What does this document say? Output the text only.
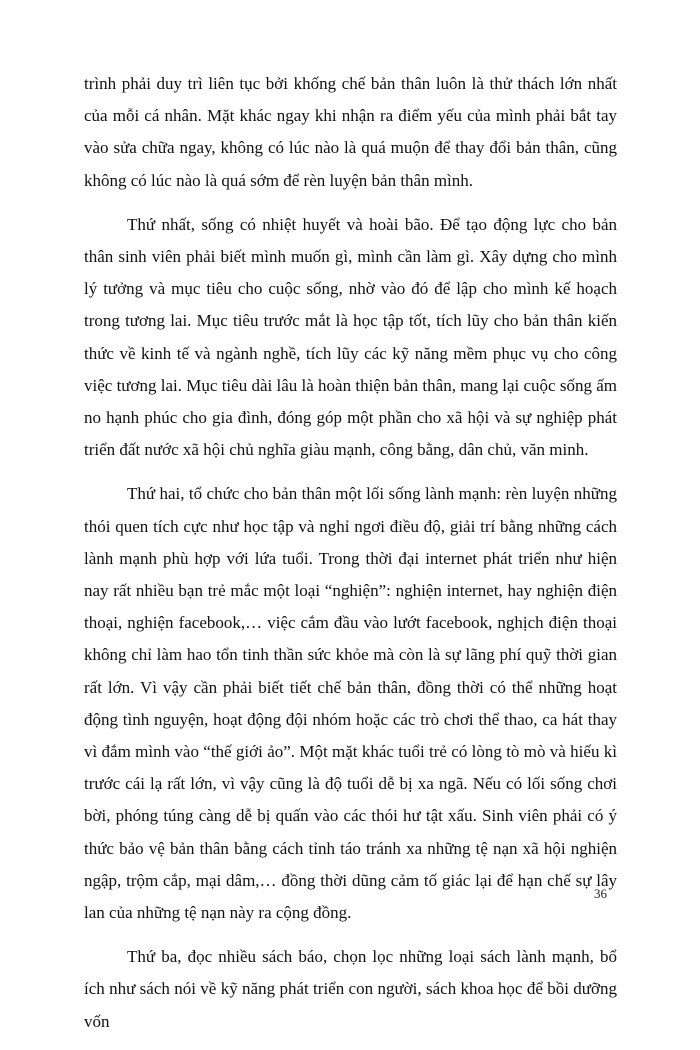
trình phải duy trì liên tục bởi khống chế bản thân luôn là thử thách lớn nhất của mỗi cá nhân. Mặt khác ngay khi nhận ra điểm yếu của mình phải bắt tay vào sửa chữa ngay, không có lúc nào là quá muộn để thay đổi bản thân, cũng không có lúc nào là quá sớm để rèn luyện bản thân mình.

Thứ nhất, sống có nhiệt huyết và hoài bão. Để tạo động lực cho bản thân sinh viên phải biết mình muốn gì, mình cần làm gì. Xây dựng cho mình lý tưởng và mục tiêu cho cuộc sống, nhờ vào đó để lập cho mình kế hoạch trong tương lai. Mục tiêu trước mắt là học tập tốt, tích lũy cho bản thân kiến thức về kinh tế và ngành nghề, tích lũy các kỹ năng mềm phục vụ cho công việc tương lai. Mục tiêu dài lâu là hoàn thiện bản thân, mang lại cuộc sống ấm no hạnh phúc cho gia đình, đóng góp một phần cho xã hội và sự nghiệp phát triển đất nước xã hội chủ nghĩa giàu mạnh, công bằng, dân chủ, văn minh.

Thứ hai, tổ chức cho bản thân một lối sống lành mạnh: rèn luyện những thói quen tích cực như học tập và nghỉ ngơi điều độ, giải trí bằng những cách lành mạnh phù hợp với lứa tuổi. Trong thời đại internet phát triển như hiện nay rất nhiều bạn trẻ mắc một loại “nghiện”: nghiện internet, hay nghiện điện thoại, nghiện facebook,… việc cắm đầu vào lướt facebook, nghịch điện thoại không chỉ làm hao tổn tinh thần sức khỏe mà còn là sự lãng phí quỹ thời gian rất lớn. Vì vậy cần phải biết tiết chế bản thân, đồng thời có thể những hoạt động tình nguyện, hoạt động đội nhóm hoặc các trò chơi thể thao, ca hát thay vì đắm mình vào “thế giới ảo”. Một mặt khác tuổi trẻ có lòng tò mò và hiếu kì trước cái lạ rất lớn, vì vậy cũng là độ tuổi dễ bị xa ngã. Nếu có lối sống chơi bời, phóng túng càng dễ bị quấn vào các thói hư tật xấu. Sinh viên phải có ý thức bảo vệ bản thân bằng cách tỉnh táo tránh xa những tệ nạn xã hội nghiện ngập, trộm cắp, mại dâm,… đồng thời dũng cảm tố giác lại để hạn chế sự lây lan của những tệ nạn này ra cộng đồng.

Thứ ba, đọc nhiều sách báo, chọn lọc những loại sách lành mạnh, bổ ích như sách nói về kỹ năng phát triển con người, sách khoa học để bồi dưỡng vốn

36
